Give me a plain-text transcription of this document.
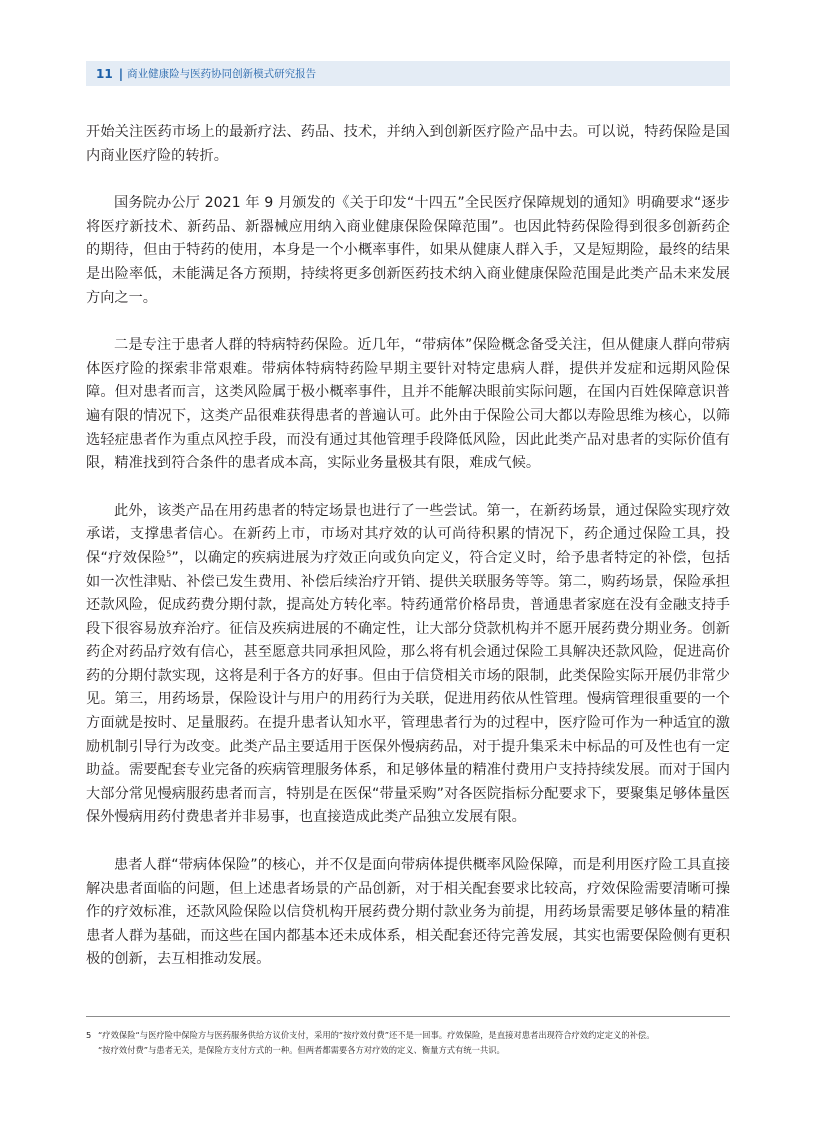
11 | 商业健康险与医药协同创新模式研究报告

开始关注医药市场上的最新疗法、药品、技术，并纳入到创新医疗险产品中去。可以说，特药保险是国内商业医疗险的转折。

国务院办公厅 2021 年 9 月颁发的《关于印发“十四五”全民医疗保障规划的通知》明确要求“逐步将医疗新技术、新药品、新器械应用纳入商业健康保险保障范围”。也因此特药保险得到很多创新药企的期待，但由于特药的使用，本身是一个小概率事件，如果从健康人群入手，又是短期险，最终的结果是出险率低，未能满足各方预期，持续将更多创新医药技术纳入商业健康保险范围是此类产品未来发展方向之一。

二是专注于患者人群的特病特药保险。近几年，“带病体”保险概念备受关注，但从健康人群向带病体医疗险的探索非常艰难。带病体特病特药险早期主要针对特定患病人群，提供并发症和远期风险保障。但对患者而言，这类风险属于极小概率事件，且并不能解决眼前实际问题，在国内百姓保障意识普遍有限的情况下，这类产品很难获得患者的普遍认可。此外由于保险公司大都以寿险思维为核心，以筛选轻症患者作为重点风控手段，而没有通过其他管理手段降低风险，因此此类产品对患者的实际价值有限，精准找到符合条件的患者成本高，实际业务量极其有限，难成气候。

此外，该类产品在用药患者的特定场景也进行了一些尝试。第一，在新药场景，通过保险实现疗效承诺，支撑患者信心。在新药上市，市场对其疗效的认可尚待积累的情况下，药企通过保险工具，投保“疗效保险$^5$”，以确定的疾病进展为疗效正向或负向定义，符合定义时，给予患者特定的补偿，包括如一次性津贴、补偿已发生费用、补偿后续治疗开销、提供关联服务等等。第二，购药场景，保险承担还款风险，促成药费分期付款，提高处方转化率。特药通常价格昂贵，普通患者家庭在没有金融支持手段下很容易放弃治疗。征信及疾病进展的不确定性，让大部分贷款机构并不愿开展药费分期业务。创新药企对药品疗效有信心，甚至愿意共同承担风险，那么将有机会通过保险工具解决还款风险，促进高价药的分期付款实现，这将是利于各方的好事。但由于信贷相关市场的限制，此类保险实际开展仍非常少见。第三，用药场景，保险设计与用户的用药行为关联，促进用药依从性管理。慢病管理很重要的一个方面就是按时、足量服药。在提升患者认知水平，管理患者行为的过程中，医疗险可作为一种适宜的激励机制引导行为改变。此类产品主要适用于医保外慢病药品，对于提升集采未中标品的可及性也有一定助益。需要配套专业完备的疾病管理服务体系，和足够体量的精准付费用户支持持续发展。而对于国内大部分常见慢病服药患者而言，特别是在医保“带量采购”对各医院指标分配要求下，要聚集足够体量医保外慢病用药付费患者并非易事，也直接造成此类产品独立发展有限。

患者人群“带病体保险”的核心，并不仅是面向带病体提供概率风险保障，而是利用医疗险工具直接解决患者面临的问题，但上述患者场景的产品创新，对于相关配套要求比较高，疗效保险需要清晰可操作的疗效标准，还款风险保险以信贷机构开展药费分期付款业务为前提，用药场景需要足够体量的精准患者人群为基础，而这些在国内都基本还未成体系，相关配套还待完善发展，其实也需要保险侧有更积极的创新，去互相推动发展。

5 “疗效保险“与医疗险中保险方与医药服务供给方议价支付，采用的“按疗效付费”还不是一回事。疗效保险，是直接对患者出现符合疗效约定定义的补偿。
“按疗效付费”与患者无关，是保险方支付方式的一种。但两者都需要各方对疗效的定义、衡量方式有统一共识。
